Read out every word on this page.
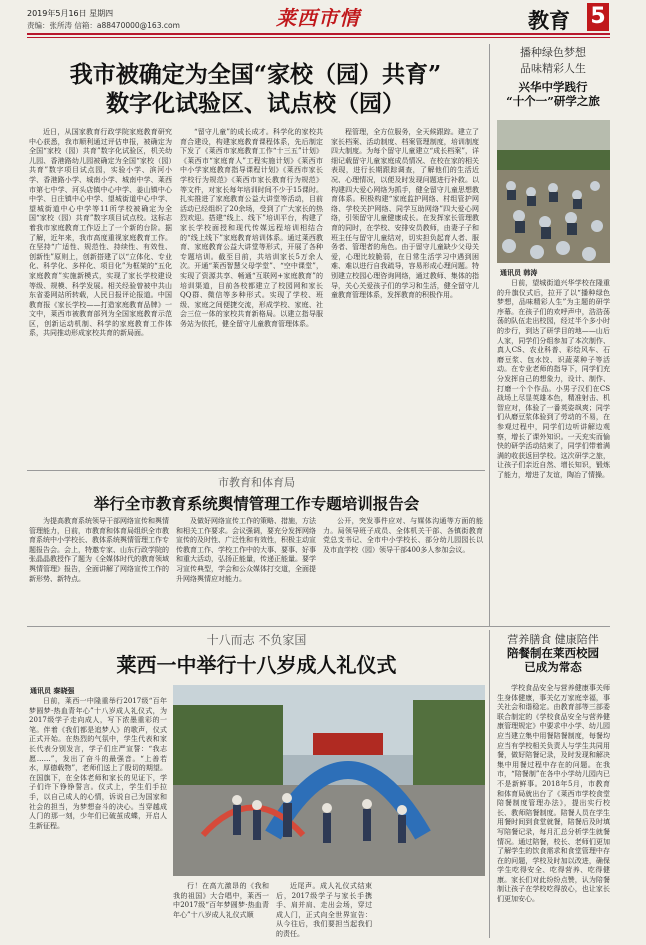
2019年5月16日 星期四
责编：张所涛 信箱：a88470000@163.com	莱西市情	教育 5
我市被确定为全国“家校（园）共育”
数字化试验区、试点校（园）

近日，从国家教育行政学院家庭教育研究中心获悉，我市顺利通过评估申报，被确定为全国“家校（园）共育”数字化试验区，机关幼儿园、香港路幼儿园被确定为全国“家校（园）共育”数字项目试点园，实验小学、滨河小学、香港路小学、城南小学、城南中学、莱西市第七中学、河头店镇中心中学、姜山镇中心中学、日庄镇中心中学、望城街道中心中学、望城街道中心中学等11所学校被确定为全国“家校（园）共育”数字项目试点校。这标志着我市家庭教育工作迈上了一个新的台阶。据了解，近年来，我市高度重视家庭教育工作。在坚持“广适性、规范性、持续性、有效性、创新性”原则上，创新搭建了以“立体化、专业化、科学化、多样化、项目化”为框架的“五化家庭教育”实施新模式，实现了家长学校建设等级、规模、科学发展。相关经验曾被中共山东省委网站所转载，人民日报评论报道。中国教育报《家长学校——打造家庭教育品牌》一文中，莱西市被教育部列为全国家庭教育示范区，创新运动机制、科学的家庭教育工作体系，共同推动形成家校共育的新局面。

“留守儿童”的成长成才。科学化的家校共育合建设，构建家庭教育课程体系，先后制定下发了《莱西市家庭教育工作“十三五”计划》《莱西市“家庭育人”工程实施计划》《莱西市中小学家庭教育指导课程计划》《莱西市家长学校行为规范》《莱西市家长教育行为规范》等文件，对家长每年培训时间不少于15课时。扎实推进了家庭教育公益大讲堂等活动，目前活动已经组织了20余场，受到了广大家长的热烈欢迎。搭建“线上、线下”培训平台，构建了家长学校面授和现代传媒远程培训相结合的“线上线下”家庭教育培训体系。通过莱西教育、家庭教育公益大讲堂等形式，开展了各种专题培训。截至目前，共培训家长5万余人次。开通“莱西智慧父母学堂”、“空中课堂”，实现了资源共享、畅通“互联网+家庭教育”的培训渠道，目前各校都建立了校园网和家长QQ群、微信等多种形式。实现了学校、班级、家庭之间便捷交流，形成学校、家庭、社会三位一体的家校共育新格局。以建立指导服务站为依托，健全留守儿童教育管理体系。

程管理，全方位服务，全天候跟踪。建立了家长档案、活动制度、档案管理制度，培训制度四大制度。为每个留守儿童建立“成长档案”，详细记载留守儿童家庭成员情况、在校在家的相关表现，进行长期跟踪调查，了解他们的生活近况、心理情况，以便及时发现问题进行补救。以构建四大爱心网络为抓手，健全留守儿童思想教育体系。积极构建“家庭监护网络、村组管护网络、学校关护网络、同学互助网络”四大爱心网络，引领留守儿童健康成长。在发挥家长管理教育的同时，在学校、安排安员教师，由妻子子和班主任与留守儿童结对，切实担负起育人者、服务者、管理者的角色。由于留守儿童缺少父母关爱，心理比较脆弱，在日常生活学习中遇到困难、难以进行自我疏导，容易形成心理问题。特别建立校园心理咨询网络，通过教师、集体的指导，关心关爱孩子们的学习和生活，健全留守儿童教育管理体系，发挥教育的积极作用。

播种绿色梦想
品味精彩人生
兴华中学践行
“十个一”研学之旅
通讯员 韩涛

日前，望城街道兴华学校在隆重的升旗仪式后，拉开了以“播种绿色梦想，品味精彩人生”为主题的研学序幕。在孩子们的欢呼声中，浩浩荡荡的队伍走出校园，经过半个多小时的步行，到达了研学目的地——山后人家，同学们分组参加了本次制作、真人CS、农业科普、彩绘风车、石磨豆浆、包水饺、识蔬菜种子等活动。在专业老师的指导下，同学们充分发挥自己的想象力，设计、制作、打磨一个个作品。小男子汉们在CS战场上尽显英雄本色，精准射击、机智应对，体验了一番英姿飒爽；同学们从磨豆浆体验到了劳动的不易，在参观过程中，同学们边听讲解边观察，增长了课外知识。一天充实而愉快的研学活动结束了，同学们带着满满的收获返回学校。这次研学之旅，让孩子们亲近自然、增长知识，锻炼了能力，增进了友谊，陶冶了情操。

市教育和体育局
举行全市教育系统舆情管理工作专题培训报告会

为提高教育系统领导干部网络宣传和舆情管理能力，日前，市教育和体育局组织全市教育系统中小学校长、教体系统舆情管理工作专题报告会。会上，特邀专家、山东行政学院的张晶晶教授作了题为《全媒体时代的教育领域舆情管理》报告，全面讲解了网络宣传工作的新形势、新特点。

及做好网络宣传工作的策略、措施，方法和相关工作要求。会议强调，要充分发挥网络宣传的及时性、广泛性和有效性，积极主动宣传教育工作、学校工作中的大事、要事、好事和重大活动，弘扬正能量，传递正能量。要学习宣传典型，学会和公众媒体打交道，全面提升网络舆情应对能力。

公开，突发事件应对、与媒体沟通等方面的能力。局领导班子成员、全体机关干部、各镇街教育党总支书记、全市中小学校长、部分幼儿园园长以及市直学校（园）领导干部400多人参加会议。

十八而志 不负家国
莱西一中举行十八岁成人礼仪式
通讯员 秦晓强

日前，莱西一中隆重举行2017级“百年梦圆梦·热血青年心”十八岁成人礼仪式，为2017级学子走向成人，写下浓墨重彩的一笔。伴着《我们都是追梦人》的歌声，仪式正式开始。在热烈的气氛中，学生代表和家长代表分别发言，学子们庄严宣誓：“我志愿……”，发出了奋斗的最强音。“上善若水，厚德载物”，老师们送上了殷切的期望。在国旗下，在全体老师和家长的见证下，学子们许下铮铮誓言。仪式上，学生们手拉手，以自己成人的心情，诉说自己为国家和社会的担当，为梦想奋斗的决心。当穿越成人门的那一刻，少年们已破茧成蝶，开启人生新征程。

行！在高亢激昂的《我和我的祖国》大合唱中，莱西一中2017级“百年梦圆梦·热血青年心”十八岁成人礼仪式顺

近尾声。成人礼仪式结束后，2017级学子与家长手携手、肩并肩、走出会场，穿过成人门，正式向全世界宣告：从今往后，我们要担当起我们的责任。

营养膳食 健康陪伴
陪餐制在莱西校园
已成为常态

学校食品安全与营养健康事关师生身体健康，事关亿万家庭幸福，事关社会和谐稳定。由教育部等三部委联合制定的《学校食品安全与营养健康管理规定》中要求中小学、幼儿园应当建立集中用餐陪餐制度，每餐均应当有学校相关负责人与学生共同用餐，做好陪餐记录，及时发现和解决集中用餐过程中存在的问题。在我市，“陪餐制”在各中小学幼儿园内已不是新鲜事。2018年5月，市教育和体育局就出台了《莱西市学校食堂陪餐制度管理办法》，提出实行校长、教师陪餐制度。陪餐人员在学生用餐时间到食堂就餐，陪餐后及时填写陪餐记录，每月汇总分析学生就餐情况。通过陪餐，校长、老师们更加了解学生的饮食需求和食堂管理中存在的问题，学校及时加以改进，确保学生吃得安全、吃得营养、吃得健康。家长们对此纷纷点赞，认为陪餐制让孩子在学校吃得放心，也让家长们更加安心。
